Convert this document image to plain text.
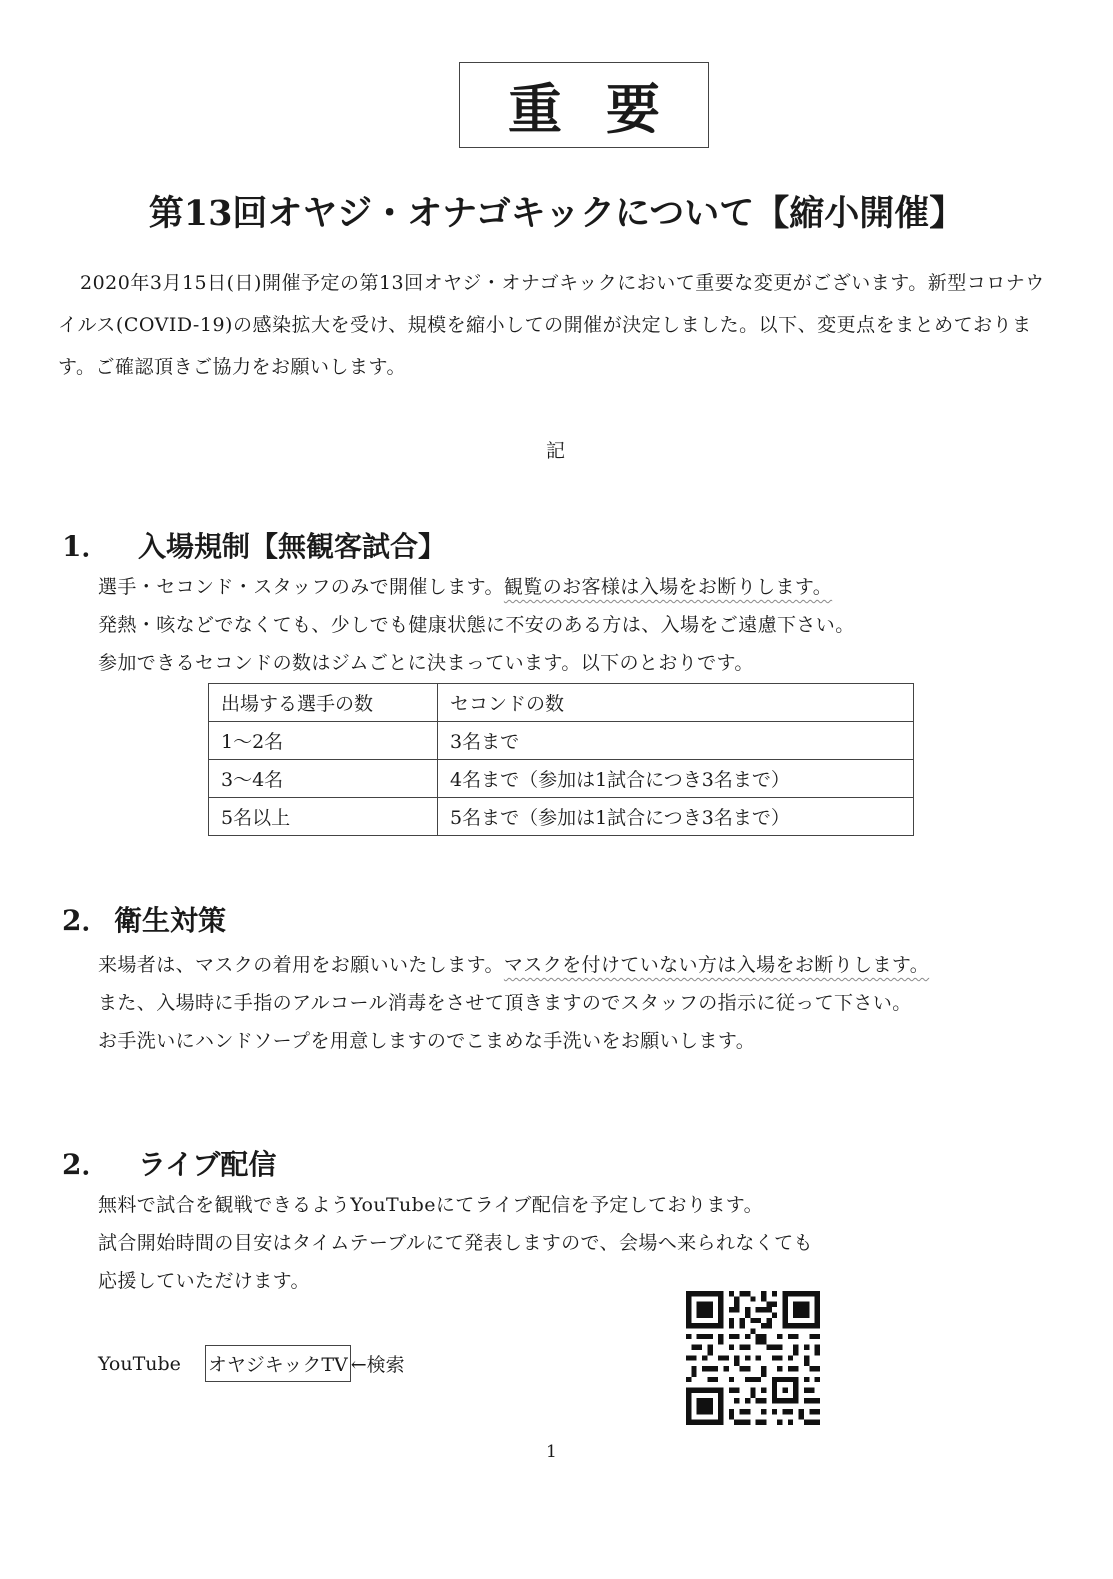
重要
第13回オヤジ・オナゴキックについて【縮小開催】
2020年3月15日(日)開催予定の第13回オヤジ・オナゴキックにおいて重要な変更がございます。新型コロナウイルス(COVID-19)の感染拡大を受け、規模を縮小しての開催が決定しました。以下、変更点をまとめております。ご確認頂きご協力をお願いします。
記
1． 入場規制【無観客試合】

選手・セコンド・スタッフのみで開催します。観覧のお客様は入場をお断りします。

発熱・咳などでなくても、少しでも健康状態に不安のある方は、入場をご遠慮下さい。

参加できるセコンドの数はジムごとに決まっています。以下のとおりです。

出場する選手の数	セコンドの数
1～2名	3名まで
3～4名	4名まで（参加は1試合につき3名まで）
5名以上	5名まで（参加は1試合につき3名まで）
2． 衛生対策

来場者は、マスクの着用をお願いいたします。マスクを付けていない方は入場をお断りします。

また、入場時に手指のアルコール消毒をさせて頂きますのでスタッフの指示に従って下さい。

お手洗いにハンドソープを用意しますのでこまめな手洗いをお願いします。

2． ライブ配信

無料で試合を観戦できるようYouTubeにてライブ配信を予定しております。

試合開始時間の目安はタイムテーブルにて発表しますので、会場へ来られなくても

応援していただけます。

YouTube オヤジキックTV ←検索
1
